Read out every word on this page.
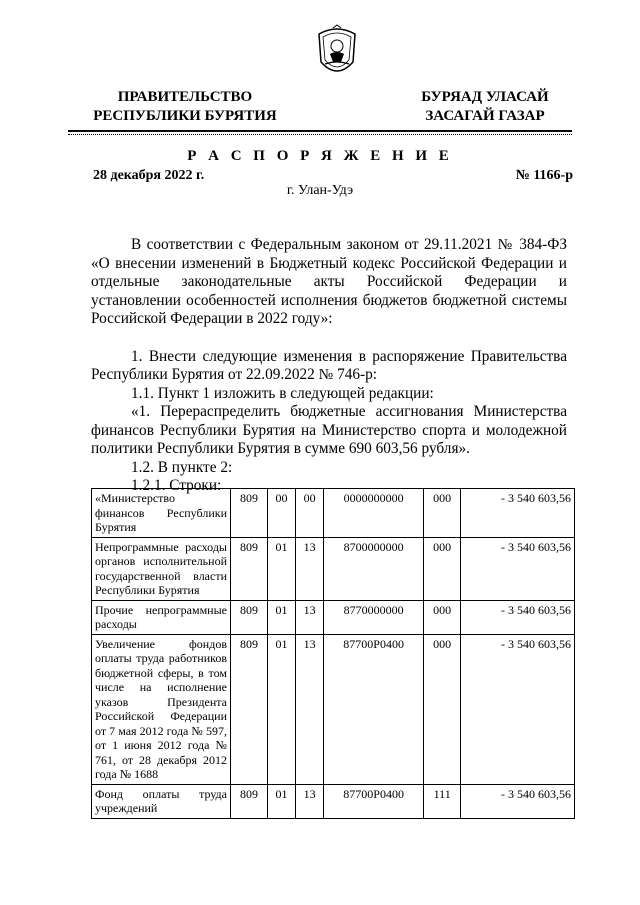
ПРАВИТЕЛЬСТВО
РЕСПУБЛИКИ БУРЯТИЯ
БУРЯАД УЛАСАЙ
ЗАСАГАЙ ГАЗАР
Р А С П О Р Я Ж Е Н И Е
28 декабря 2022 г.	№ 1166-р
г. Улан-Удэ

В соответствии с Федеральным законом от 29.11.2021 № 384-ФЗ «О внесении изменений в Бюджетный кодекс Российской Федерации и отдельные законодательные акты Российской Федерации и установлении особенностей исполнения бюджетов бюджетной системы Российской Федерации в 2022 году»:

1. Внести следующие изменения в распоряжение Правительства Республики Бурятия от 22.09.2022 № 746-р:

1.1. Пункт 1 изложить в следующей редакции:

«1. Перераспределить бюджетные ассигнования Министерства финансов Республики Бурятия на Министерство спорта и молодежной политики Республики Бурятия в сумме 690 603,56 рубля».

1.2. В пункте 2:

1.2.1. Строки:

«Министерство финансов Республики Бурятия	809	00	00	0000000000	000	- 3 540 603,56
Непрограммные расходы органов исполнительной государственной власти Республики Бурятия	809	01	13	8700000000	000	- 3 540 603,56
Прочие непрограммные расходы	809	01	13	8770000000	000	- 3 540 603,56
Увеличение фондов оплаты труда работников бюджетной сферы, в том числе на исполнение указов Президента Российской Федерации от 7 мая 2012 года № 597, от 1 июня 2012 года № 761, от 28 декабря 2012 года № 1688	809	01	13	87700Р0400	000	- 3 540 603,56
Фонд оплаты труда учреждений	809	01	13	87700Р0400	111	- 3 540 603,56
